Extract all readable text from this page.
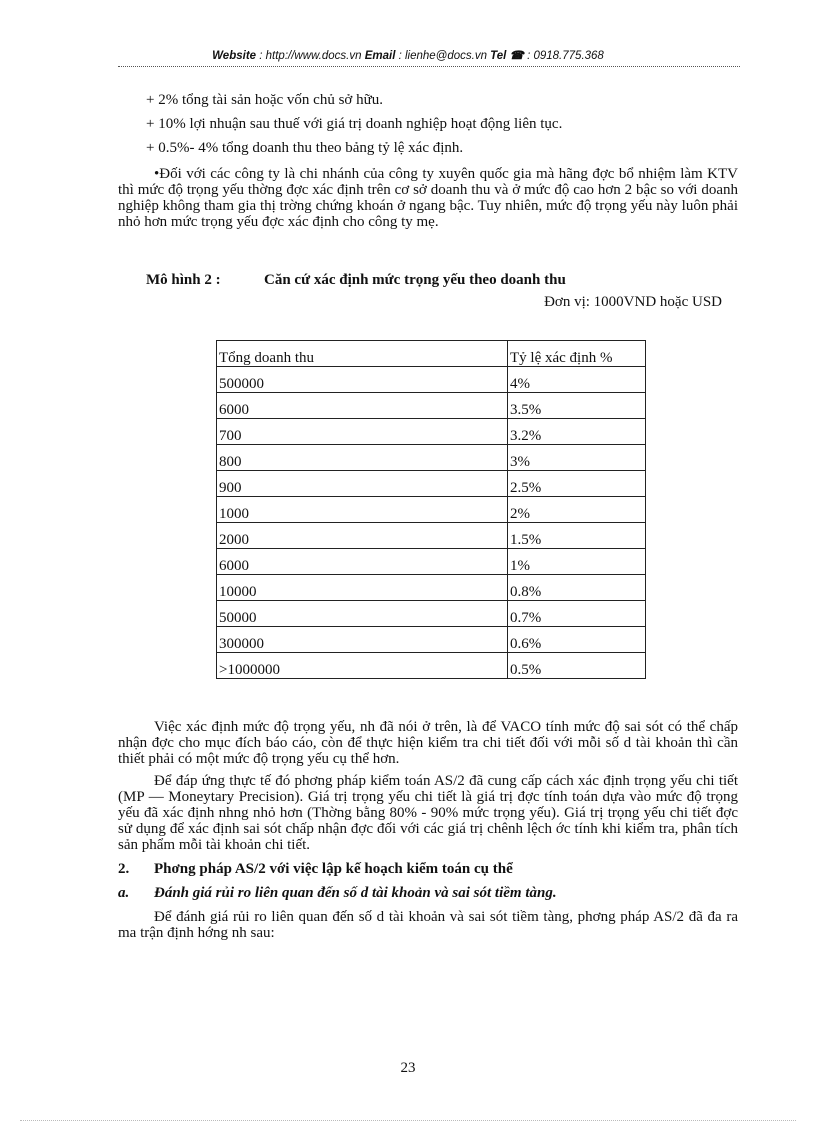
Website : http://www.docs.vn Email : lienhe@docs.vn Tel ☎ : 0918.775.368

+ 2% tổng tài sản hoặc vốn chủ sở hữu.

+ 10% lợi nhuận sau thuế với giá trị doanh nghiệp hoạt động liên tục.

+ 0.5%- 4% tổng doanh thu theo bảng tỷ lệ xác định.

•Đối với các công ty là chi nhánh của công ty xuyên quốc gia mà hãng đợc bổ nhiệm làm KTV thì mức độ trọng yếu thờng đợc xác định trên cơ sở doanh thu và ở mức độ cao hơn 2 bậc so với doanh nghiệp không tham gia thị trờng chứng khoán ở ngang bậc. Tuy nhiên, mức độ trọng yếu này luôn phải nhỏ hơn mức trọng yếu đợc xác định cho công ty mẹ.

Mô hình 2 :	Căn cứ xác định mức trọng yếu theo doanh thu
Đơn vị: 1000VND hoặc USD
Tổng doanh thu	Tỷ lệ xác định %
500000	4%
6000	3.5%
700	3.2%
800	3%
900	2.5%
1000	2%
2000	1.5%
6000	1%
10000	0.8%
50000	0.7%
300000	0.6%
>1000000	0.5%

Việc xác định mức độ trọng yếu, nh đã nói ở trên, là để VACO tính mức độ sai sót có thể chấp nhận đợc cho mục đích báo cáo, còn để thực hiện kiểm tra chi tiết đối với mỗi số d tài khoản thì cần thiết phải có một mức độ trọng yếu cụ thể hơn.

Để đáp ứng thực tế đó phơng pháp kiểm toán AS/2 đã cung cấp cách xác định trọng yếu chi tiết (MP — Moneytary Precision). Giá trị trọng yếu chi tiết là giá trị đợc tính toán dựa vào mức độ trọng yếu đã xác định nhng nhỏ hơn (Thờng bằng 80% - 90% mức trọng yếu). Giá trị trọng yếu chi tiết đợc sử dụng để xác định sai sót chấp nhận đợc đối với các giá trị chênh lệch ớc tính khi kiểm tra, phân tích sản phẩm mỗi tài khoản chi tiết.

2. Phơng pháp AS/2 với việc lập kế hoạch kiểm toán cụ thể
a. Đánh giá rủi ro liên quan đến số d tài khoản và sai sót tiềm tàng.

Để đánh giá rủi ro liên quan đến số d tài khoản và sai sót tiềm tàng, phơng pháp AS/2 đã đa ra ma trận định hớng nh sau:

23
